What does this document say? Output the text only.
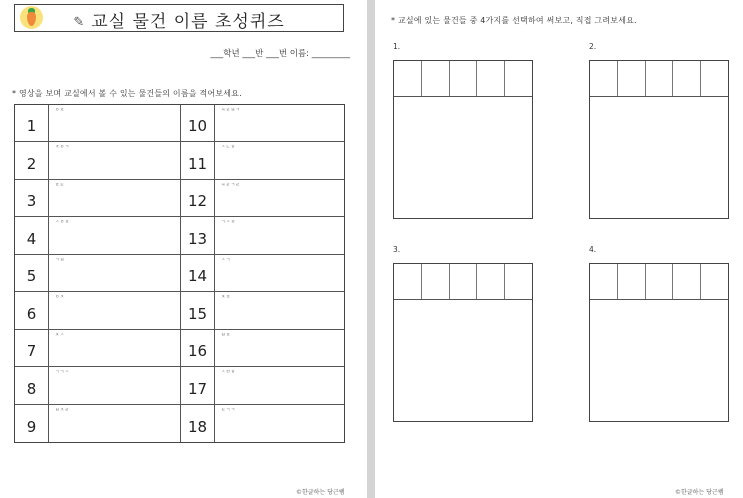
✎ 교실 물건 이름 초성퀴즈
___학년 ___반 ___번 이름: _________
* 영상을 보며 교실에서 볼 수 있는 물건들의 이름을 적어보세요.
1
ㅇㅍ
10
ㅆㄹㅂㄱ
2
ㅈㅇㄱ
11
ㅅㄴㅎ
3
ㅍㅌ
12
ㅆㄹㄱㄹ
4
ㅅㅇㅍ
13
ㄱㅅㅍ
5
ㄱㅂ
14
ㅅㄱ
6
ㅇㅈ
15
ㅊㅍ
7
ㅊㅅ
16
ㅂㅍ
8
ㄱㄱㅅ
17
ㅅㅁㅎ
9
ㅂㅈㄹ
18
ㅌㄱㄱ
©한글하는 당근쌤
* 교실에 있는 물건들 중 4가지를 선택하여 써보고, 직접 그려보세요.
1.	2.
3.	4.
©한글하는 당근쌤
